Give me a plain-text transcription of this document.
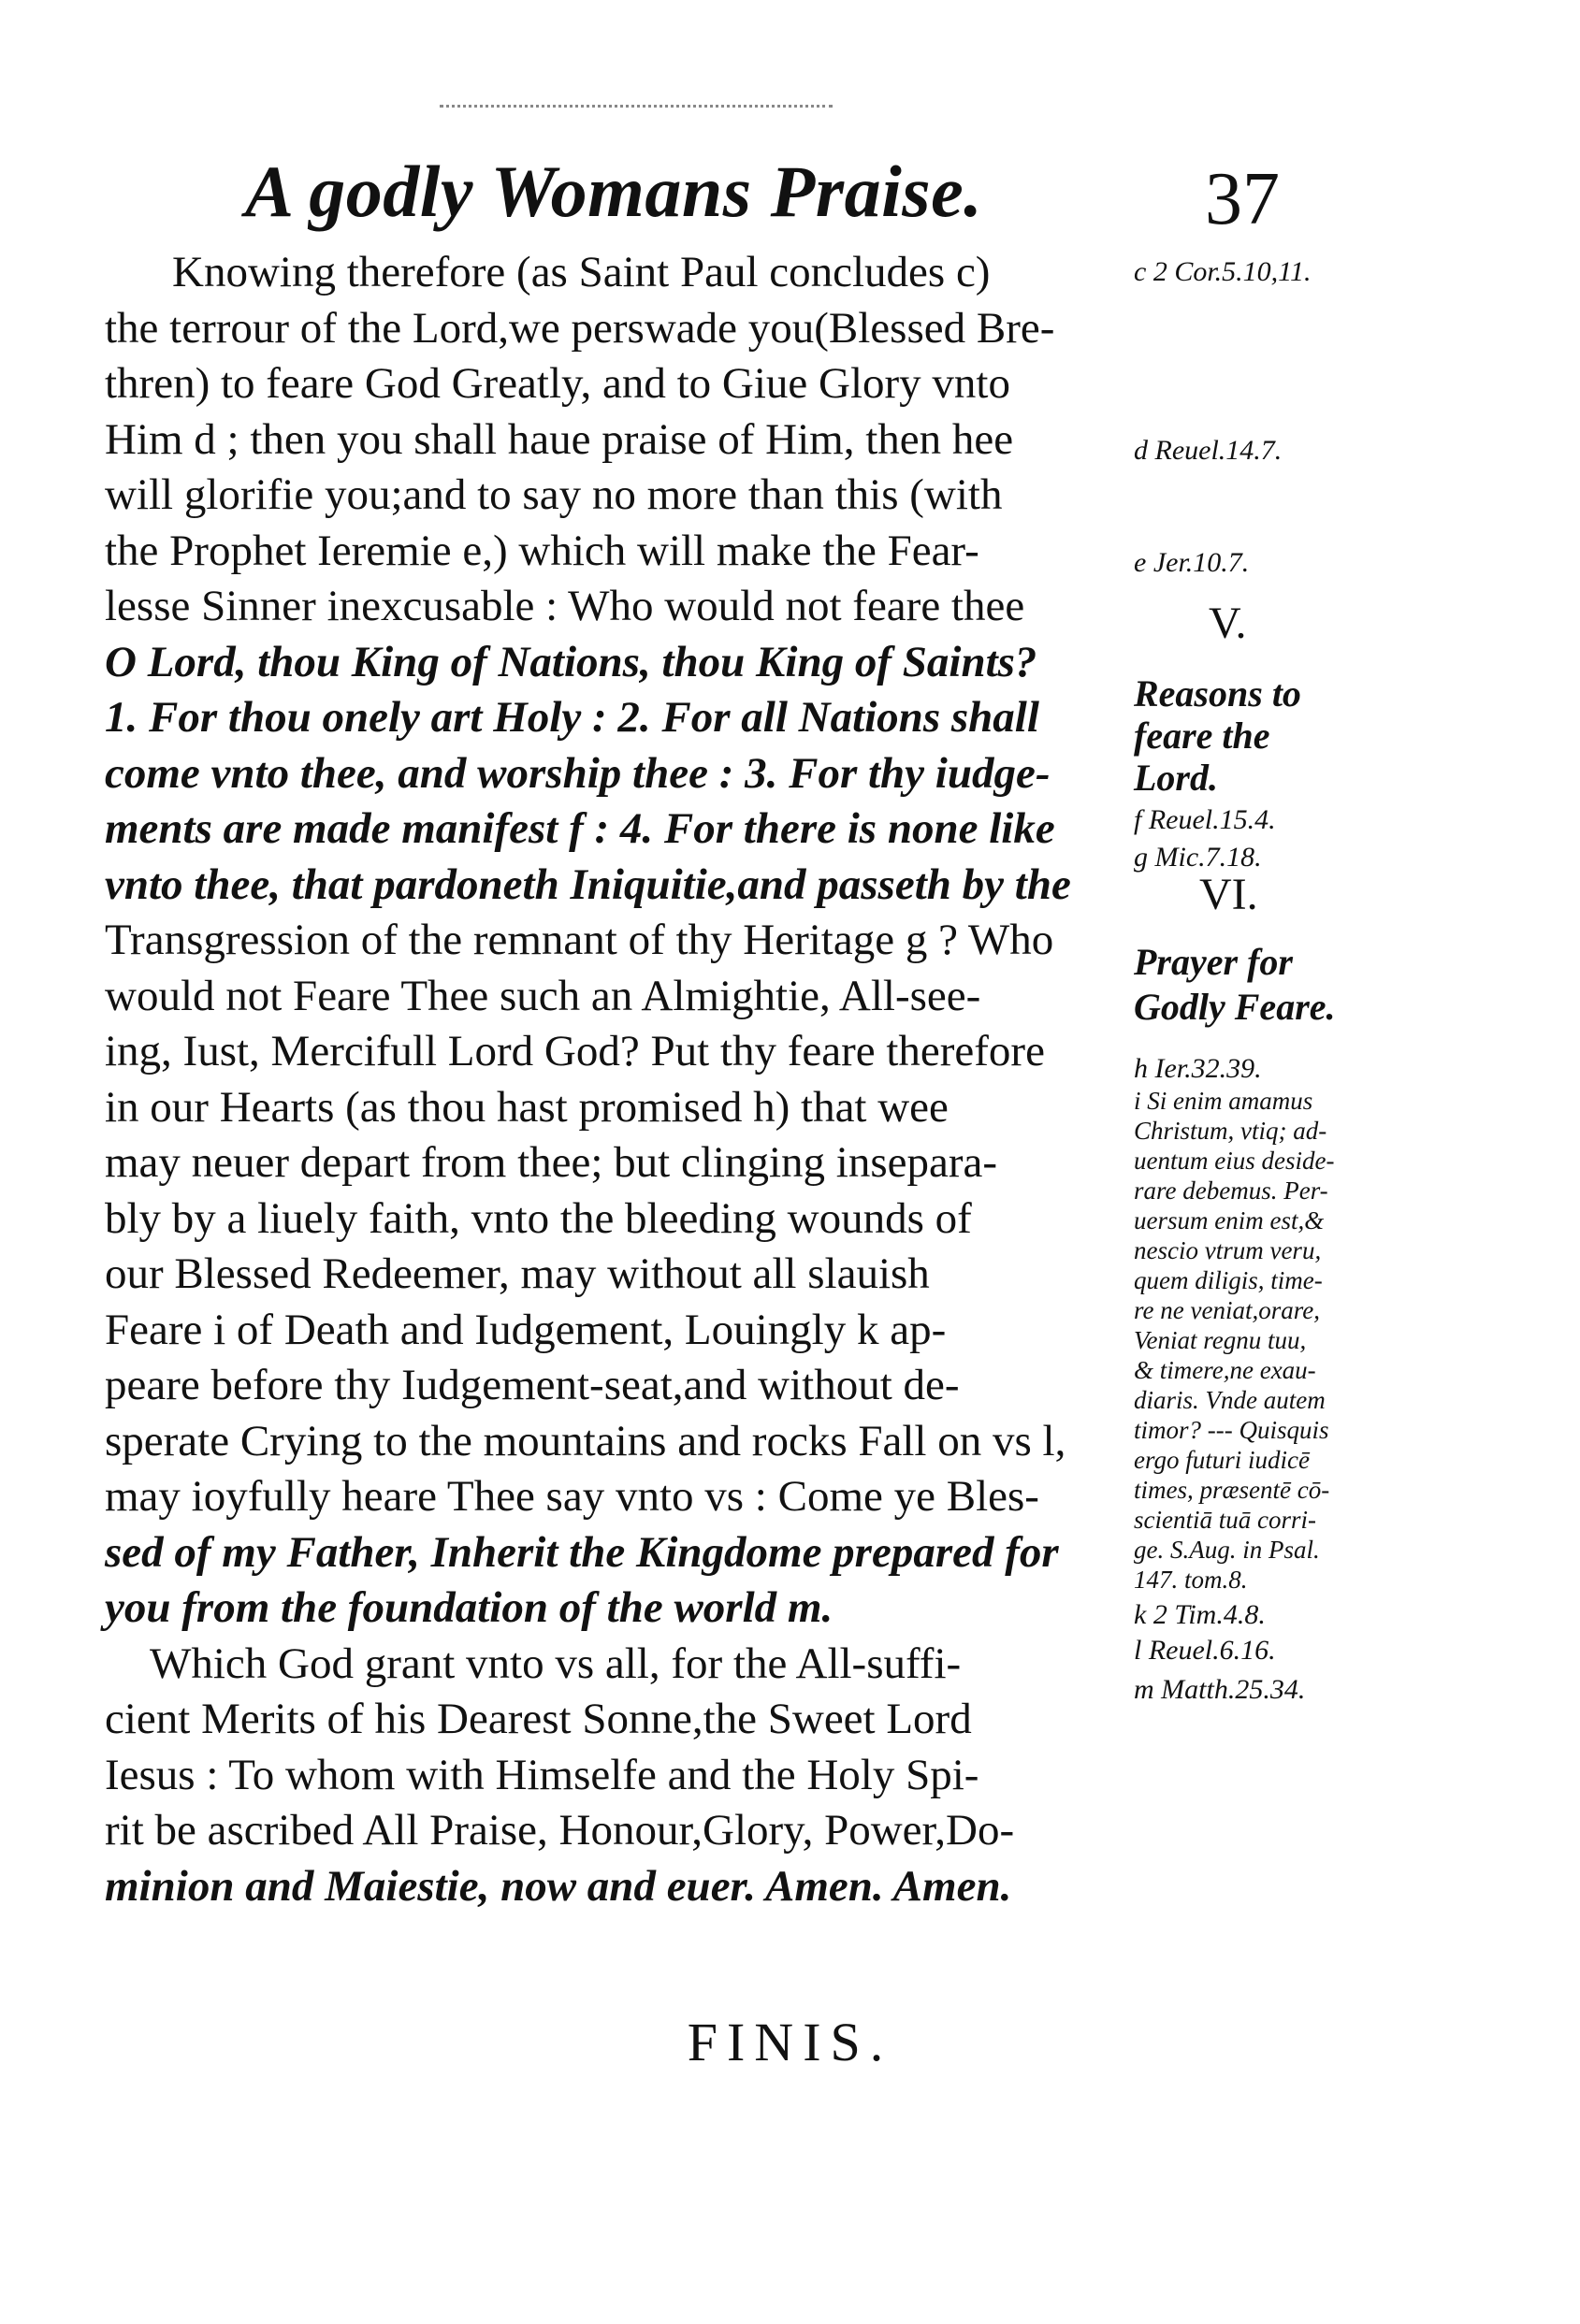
A godly Womans Praise.	37
Knowing therefore (as Saint Paul concludes c)
the terrour of the Lord,we perswade you(Blessed Bre-
thren) to feare God Greatly, and to Giue Glory vnto
Him d ; then you shall haue praise of Him, then hee
will glorifie you;and to say no more than this (with
the Prophet Ieremie e,) which will make the Fear-
lesse Sinner inexcusable : Who would not feare thee
O Lord, thou King of Nations, thou King of Saints?
1. For thou onely art Holy : 2. For all Nations shall
come vnto thee, and worship thee : 3. For thy iudge-
ments are made manifest f : 4. For there is none like
vnto thee, that pardoneth Iniquitie,and passeth by the
Transgression of the remnant of thy Heritage g ? Who
would not Feare Thee such an Almightie, All-see-
ing, Iust, Mercifull Lord God? Put thy feare therefore
in our Hearts (as thou hast promised h) that wee
may neuer depart from thee; but clinging insepara-
bly by a liuely faith, vnto the bleeding wounds of
our Blessed Redeemer, may without all slauish
Feare i of Death and Iudgement, Louingly k ap-
peare before thy Iudgement-seat,and without de-
sperate Crying to the mountains and rocks Fall on vs l,
may ioyfully heare Thee say vnto vs : Come ye Bles-
sed of my Father, Inherit the Kingdome prepared for
you from the foundation of the world m.
Which God grant vnto vs all, for the All-suffi-
cient Merits of his Dearest Sonne,the Sweet Lord
Iesus : To whom with Himselfe and the Holy Spi-
rit be ascribed All Praise, Honour,Glory, Power,Do-
minion and Maiestie, now and euer. Amen. Amen.
c 2 Cor.5.10,11.
d Reuel.14.7.
e Jer.10.7.
V.
Reasons to
feare the
Lord.
f Reuel.15.4.
g Mic.7.18.
VI.
Prayer for
Godly Feare.
h Ier.32.39.
i Si enim amamus
Christum, vtiq; ad-
uentum eius deside-
rare debemus. Per-
uersum enim est,&
nescio vtrum veru,
quem diligis, time-
re ne veniat,orare,
Veniat regnu tuu,
& timere,ne exau-
diaris. Vnde autem
timor? --- Quisquis
ergo futuri iudicē
times, præsentē cō-
scientiā tuā corri-
ge. S.Aug. in Psal.
147. tom.8.
k 2 Tim.4.8.
l Reuel.6.16.
m Matth.25.34.
FINIS.
